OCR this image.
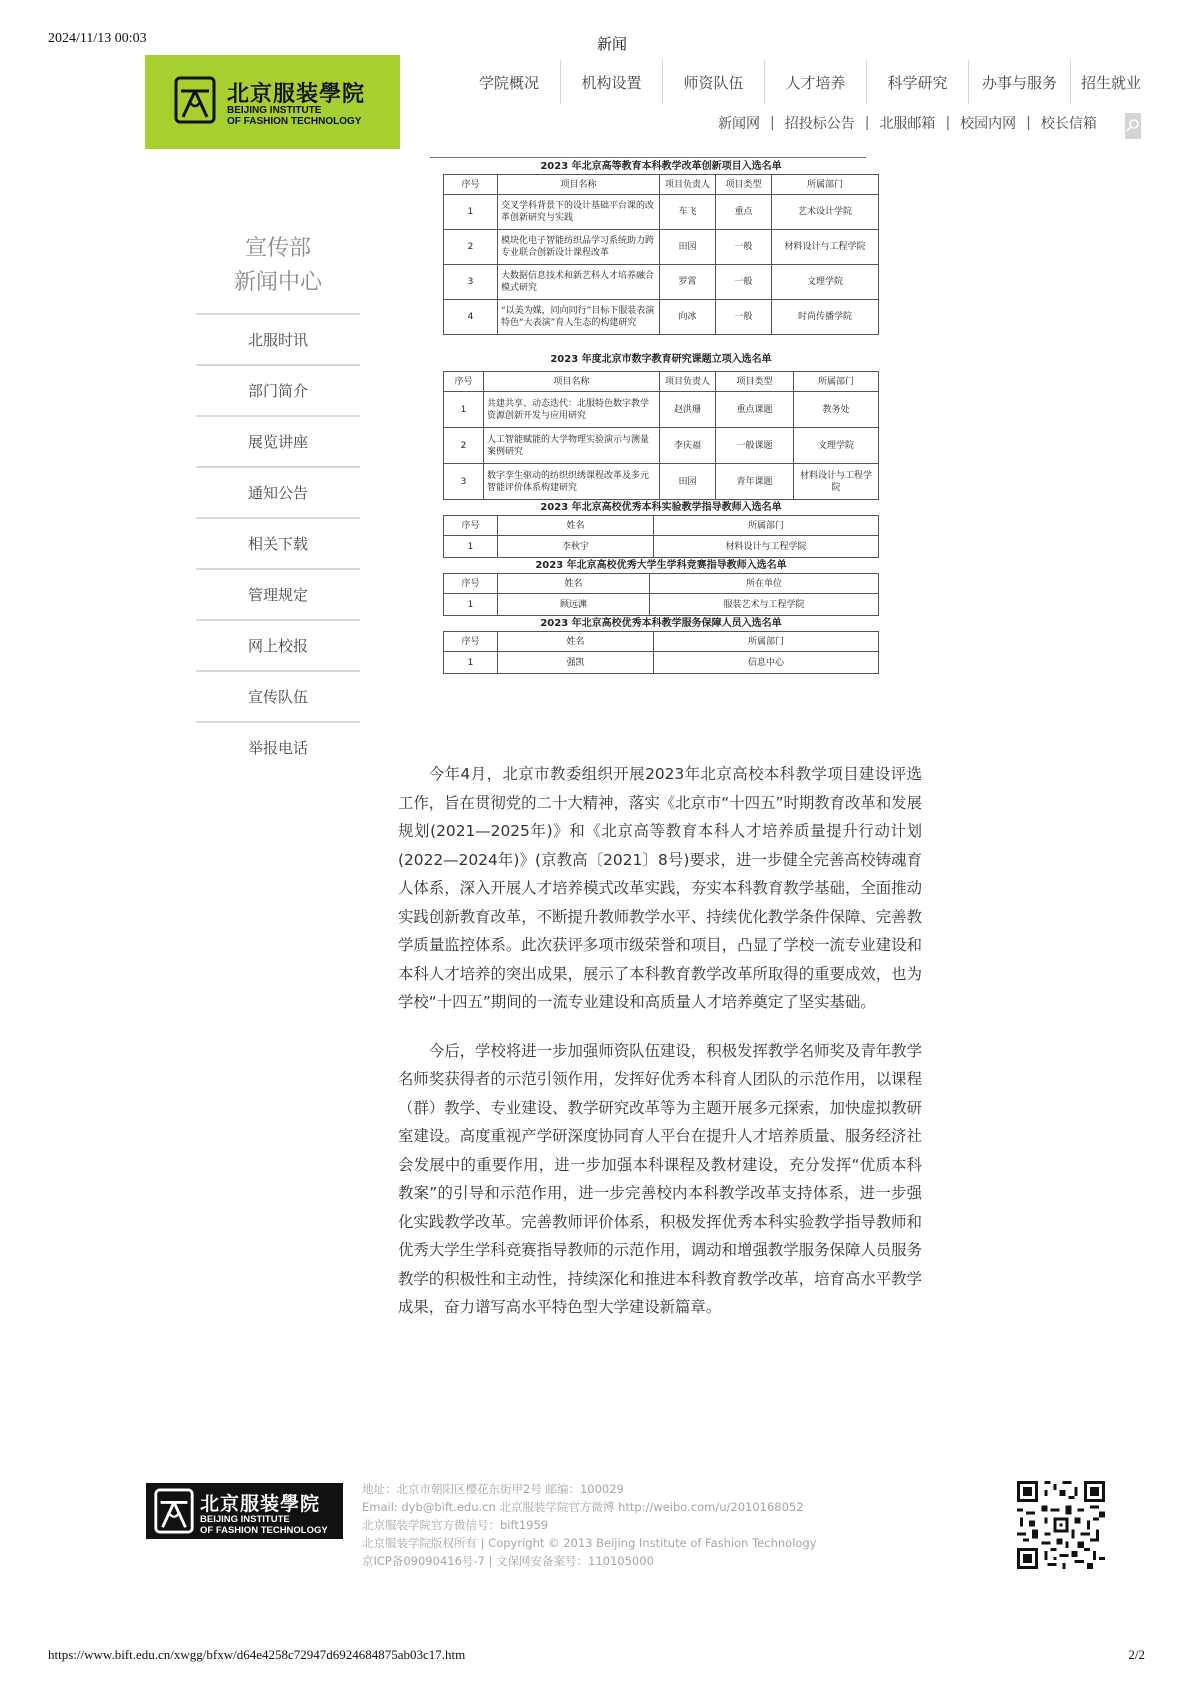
2024/11/13 00:03	新闻
北京服装學院
BEIJING INSTITUTE
OF FASHION TECHNOLOGY
学院概况	机构设置	师资队伍	人才培养	科学研究	办事与服务	招生就业
新闻网 | 招投标公告 | 北服邮箱 | 校园内网 | 校长信箱
宣传部
新闻中心
北服时讯
部门简介
展览讲座
通知公告
相关下载
管理规定
网上校报
宣传队伍
举报电话
2023 年北京高等教育本科教学改革创新项目入选名单
序号	项目名称	项目负责人	项目类型	所属部门
1	交叉学科背景下的设计基础平台课的改革创新研究与实践	车飞	重点	艺术设计学院
2	模块化电子智能纺织品学习系统助力跨专业联合创新设计课程改革	田园	一般	材料设计与工程学院
3	大数据信息技术和新艺科人才培养融合模式研究	罗霄	一般	文理学院
4	“以美为媒，同向同行”目标下服装表演特色“大表演”育人生态的构建研究	向冰	一般	时尚传播学院
2023 年度北京市数字教育研究课题立项入选名单
序号	项目名称	项目负责人	项目类型	所属部门
1	共建共享、动态迭代：北服特色数字教学资源创新开发与应用研究	赵洪珊	重点课题	教务处
2	人工智能赋能的大学物理实验演示与测量案例研究	李庆福	一般课题	文理学院
3	数字孪生驱动的纺织织绣课程改革及多元智能评价体系构建研究	田园	青年课题	材料设计与工程学院
2023 年北京高校优秀本科实验教学指导教师入选名单
序号	姓名	所属部门
1	李秋宇	材料设计与工程学院
2023 年北京高校优秀大学生学科竞赛指导教师入选名单
序号	姓名	所在单位
1	顾远渊	服装艺术与工程学院
2023 年北京高校优秀本科教学服务保障人员入选名单
序号	姓名	所属部门
1	强凯	信息中心

今年4月，北京市教委组织开展2023年北京高校本科教学项目建设评选工作，旨在贯彻党的二十大精神，落实《北京市“十四五”时期教育改革和发展规划(2021—2025年)》和《北京高等教育本科人才培养质量提升行动计划(2022—2024年)》(京教高〔2021〕8号)要求，进一步健全完善高校铸魂育人体系，深入开展人才培养模式改革实践，夯实本科教育教学基础，全面推动实践创新教育改革，不断提升教师教学水平、持续优化教学条件保障、完善教学质量监控体系。此次获评多项市级荣誉和项目，凸显了学校一流专业建设和本科人才培养的突出成果，展示了本科教育教学改革所取得的重要成效，也为学校“十四五”期间的一流专业建设和高质量人才培养奠定了坚实基础。

今后，学校将进一步加强师资队伍建设，积极发挥教学名师奖及青年教学名师奖获得者的示范引领作用，发挥好优秀本科育人团队的示范作用，以课程（群）教学、专业建设、教学研究改革等为主题开展多元探索，加快虚拟教研室建设。高度重视产学研深度协同育人平台在提升人才培养质量、服务经济社会发展中的重要作用，进一步加强本科课程及教材建设，充分发挥“优质本科教案”的引导和示范作用，进一步完善校内本科教学改革支持体系，进一步强化实践教学改革。完善教师评价体系，积极发挥优秀本科实验教学指导教师和优秀大学生学科竞赛指导教师的示范作用，调动和增强教学服务保障人员服务教学的积极性和主动性，持续深化和推进本科教育教学改革，培育高水平教学成果，奋力谱写高水平特色型大学建设新篇章。

北京服装學院
BEIJING INSTITUTE
OF FASHION TECHNOLOGY
地址：北京市朝阳区樱花东街甲2号 邮编：100029
Email: dyb@bift.edu.cn 北京服装学院官方微博 http://weibo.com/u/2010168052
北京服装学院官方微信号：bift1959
北京服装学院版权所有 | Copyright © 2013 Beijing Institute of Fashion Technology
京ICP备09090416号-7 | 文保网安备案号：110105000
https://www.bift.edu.cn/xwgg/bfxw/d64e4258c72947d6924684875ab03c17.htm	2/2
